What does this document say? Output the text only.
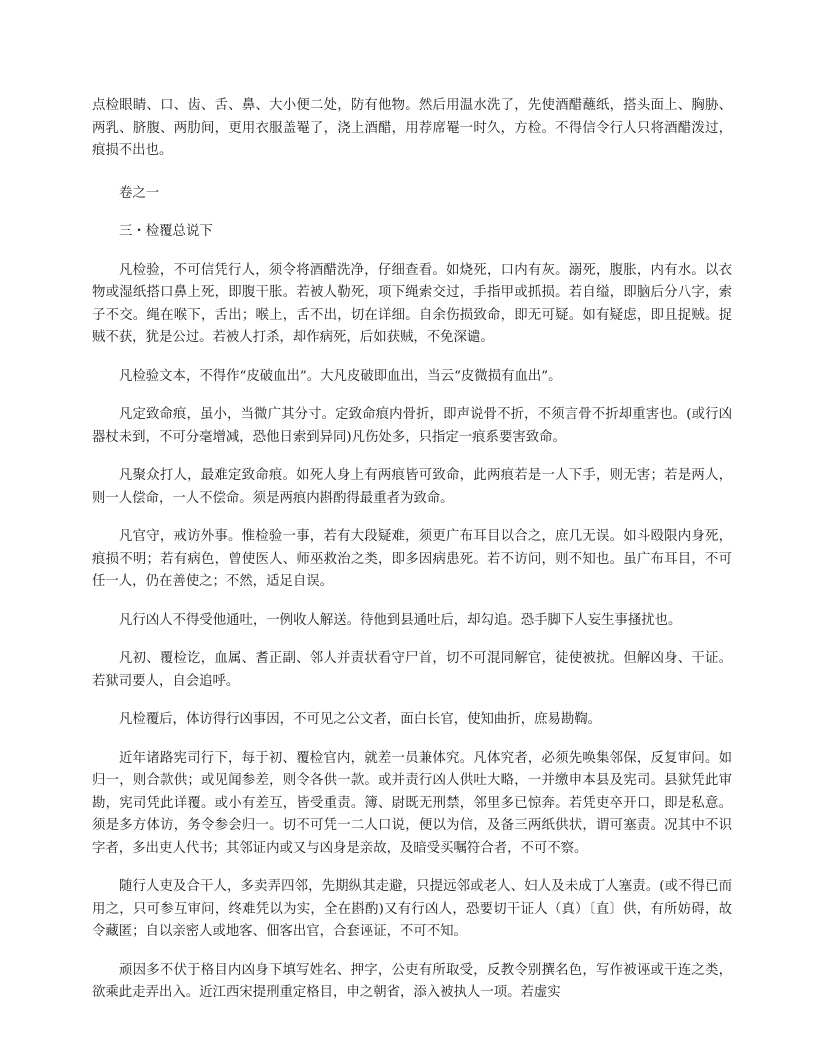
点检眼睛、口、齿、舌、鼻、大小便二处，防有他物。然后用温水洗了，先使酒醋蘸纸，搭头面上、胸胁、两乳、脐腹、两肋间，更用衣服盖罨了，浇上酒醋，用荐席罨一时久，方检。不得信令行人只将酒醋泼过，痕损不出也。

卷之一

三・检覆总说下

凡检验，不可信凭行人，须令将酒醋洗净，仔细查看。如烧死，口内有灰。溺死，腹胀，内有水。以衣物或湿纸搭口鼻上死，即腹干胀。若被人勒死，项下绳索交过，手指甲或抓损。若自缢，即脑后分八字，索子不交。绳在喉下，舌出；喉上，舌不出，切在详细。自余伤损致命，即无可疑。如有疑虑，即且捉贼。捉贼不获，犹是公过。若被人打杀，却作病死，后如获贼，不免深谴。

凡检验文本，不得作“皮破血出”。大凡皮破即血出，当云“皮微损有血出”。

凡定致命痕，虽小，当微广其分寸。定致命痕内骨折，即声说骨不折，不须言骨不折却重害也。(或行凶器杖未到，不可分毫增减，恐他日索到异同)凡伤处多，只指定一痕系要害致命。

凡聚众打人，最难定致命痕。如死人身上有两痕皆可致命，此两痕若是一人下手，则无害；若是两人，则一人偿命，一人不偿命。须是两痕内斟酌得最重者为致命。

凡官守，戒访外事。惟检验一事，若有大段疑难，须更广布耳目以合之，庶几无误。如斗殴限内身死，痕损不明；若有病色，曾使医人、师巫救治之类，即多因病患死。若不访问，则不知也。虽广布耳目，不可任一人，仍在善使之；不然，适足自误。

凡行凶人不得受他通吐，一例收人解送。待他到县通吐后，却勾追。恐手脚下人妄生事搔扰也。

凡初、覆检讫，血属、耆正副、邻人并责状看守尸首，切不可混同解官，徒使被扰。但解凶身、干证。若狱司要人，自会追呼。

凡检覆后，体访得行凶事因，不可见之公文者，面白长官，使知曲折，庶易勘鞫。

近年诸路宪司行下，每于初、覆检官内，就差一员兼体究。凡体究者，必须先唤集邻保，反复审问。如归一，则合款供；或见闻参差，则令各供一款。或并责行凶人供吐大略，一并缴申本县及宪司。县狱凭此审勘，宪司凭此详覆。或小有差互，皆受重责。簿、尉既无刑禁，邻里多已惊奔。若凭吏卒开口，即是私意。须是多方体访，务令参会归一。切不可凭一二人口说，便以为信，及备三两纸供状，谓可塞责。况其中不识字者，多出吏人代书；其邻证内或又与凶身是亲故，及暗受买嘱符合者，不可不察。

随行人吏及合干人，多卖弄四邻，先期纵其走避，只提远邻或老人、妇人及未成丁人塞责。(或不得已而用之，只可参互审问，终难凭以为实，全在斟酌)又有行凶人，恐要切干证人（真）〔直〕供，有所妨碍，故令藏匿；自以亲密人或地客、佃客出官，合套诬证，不可不知。

顽因多不伏于格目内凶身下填写姓名、押字，公吏有所取受，反教令别撰名色，写作被诬或干连之类，欲乘此走弄出入。近江西宋提刑重定格目，申之朝省，添入被执人一项。若虚实
